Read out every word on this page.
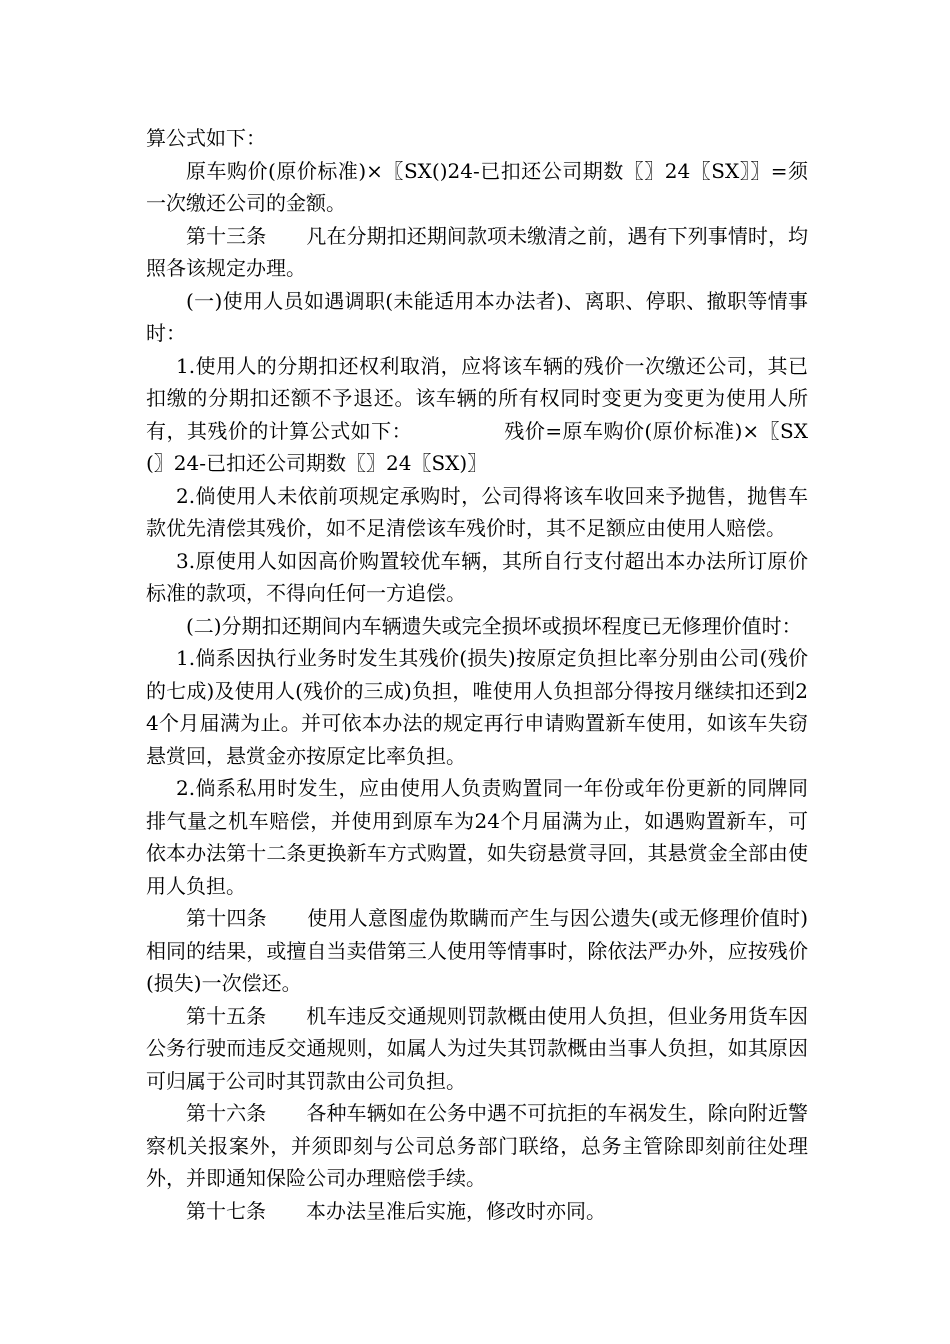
算公式如下：

原车购价(原价标准)×〖SX()24-已扣还公司期数〖〗24〖SX〗〗=须一次缴还公司的金额。

第十三条　　 凡在分期扣还期间款项未缴清之前，遇有下列事情时，均照各该规定办理。

(一)使用人员如遇调职(未能适用本办法者)、离职、停职、撤职等情事时：

1.使用人的分期扣还权利取消，应将该车辆的残价一次缴还公司，其已扣缴的分期扣还额不予退还。该车辆的所有权同时变更为变更为使用人所有，其残价的计算公式如下：　　　　　残价=原车购价(原价标准)×〖SX(〗24-已扣还公司期数〖〗24〖SX)〗

2.倘使用人未依前项规定承购时，公司得将该车收回来予抛售，抛售车款优先清偿其残价，如不足清偿该车残价时，其不足额应由使用人赔偿。

3.原使用人如因高价购置较优车辆，其所自行支付超出本办法所订原价标准的款项，不得向任何一方追偿。

(二)分期扣还期间内车辆遗失或完全损坏或损坏程度已无修理价值时：

1.倘系因执行业务时发生其残价(损失)按原定负担比率分别由公司(残价的七成)及使用人(残价的三成)负担，唯使用人负担部分得按月继续扣还到24个月届满为止。并可依本办法的规定再行申请购置新车使用，如该车失窃悬赏回，悬赏金亦按原定比率负担。

2.倘系私用时发生，应由使用人负责购置同一年份或年份更新的同牌同排气量之机车赔偿，并使用到原车为24个月届满为止，如遇购置新车，可依本办法第十二条更换新车方式购置，如失窃悬赏寻回，其悬赏金全部由使用人负担。

第十四条　　 使用人意图虚伪欺瞒而产生与因公遗失(或无修理价值时)相同的结果，或擅自当卖借第三人使用等情事时，除依法严办外，应按残价(损失)一次偿还。

第十五条　　 机车违反交通规则罚款概由使用人负担，但业务用货车因公务行驶而违反交通规则，如属人为过失其罚款概由当事人负担，如其原因可归属于公司时其罚款由公司负担。

第十六条　　 各种车辆如在公务中遇不可抗拒的车祸发生，除向附近警察机关报案外，并须即刻与公司总务部门联络，总务主管除即刻前往处理外，并即通知保险公司办理赔偿手续。

第十七条　　 本办法呈准后实施，修改时亦同。
